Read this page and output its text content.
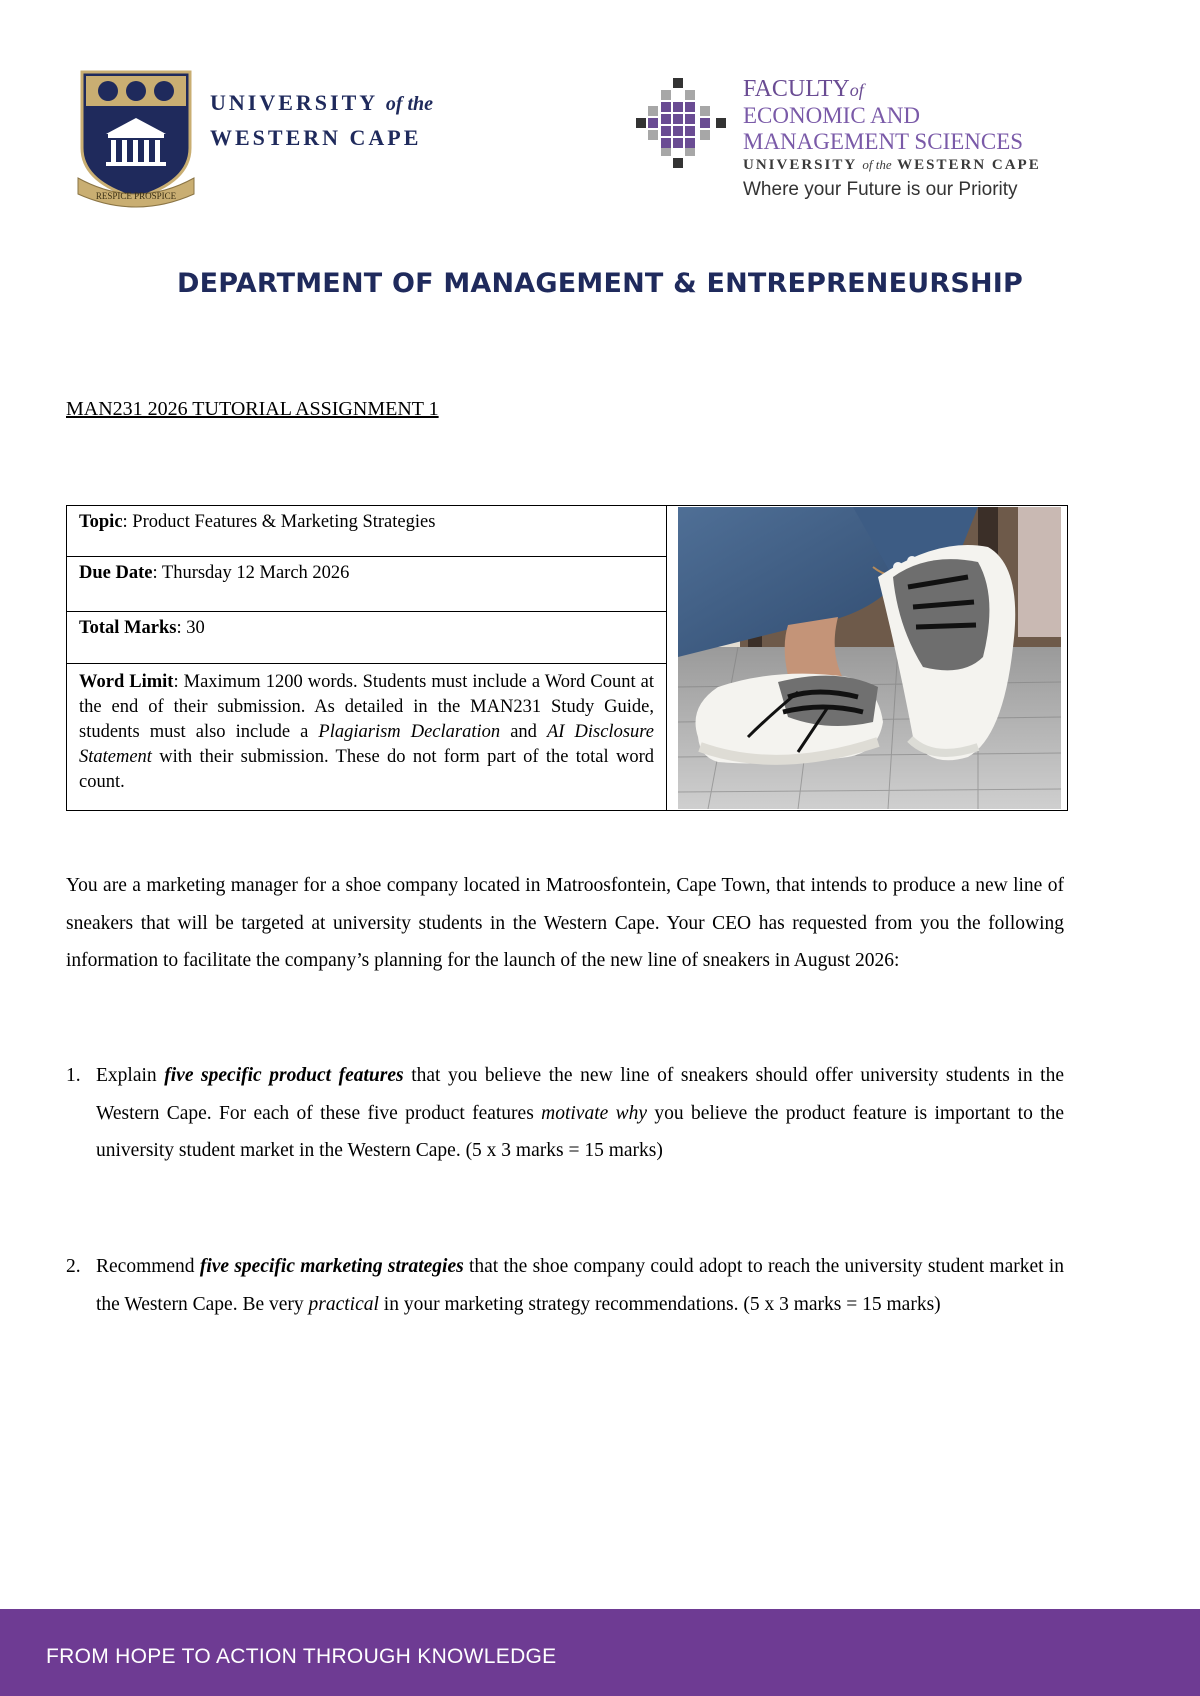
RESPICE PROSPICE
UNIVERSITY of the
WESTERN CAPE
FACULTYof
ECONOMIC AND
MANAGEMENT SCIENCES
UNIVERSITY of the WESTERN CAPE
Where your Future is our Priority
DEPARTMENT OF MANAGEMENT & ENTREPRENEURSHIP
MAN231 2026 TUTORIAL ASSIGNMENT 1
Topic: Product Features & Marketing Strategies
Due Date: Thursday 12 March 2026
Total Marks: 30
Word Limit: Maximum 1200 words. Students must include a Word Count at the end of their submission. As detailed in the MAN231 Study Guide, students must also include a Plagiarism Declaration and AI Disclosure Statement with their submission. These do not form part of the total word count.
You are a marketing manager for a shoe company located in Matroosfontein, Cape Town, that intends to produce a new line of sneakers that will be targeted at university students in the Western Cape. Your CEO has requested from you the following information to facilitate the company’s planning for the launch of the new line of sneakers in August 2026:
1. Explain five specific product features that you believe the new line of sneakers should offer university students in the Western Cape. For each of these five product features motivate why you believe the product feature is important to the university student market in the Western Cape. (5 x 3 marks = 15 marks)
2. Recommend five specific marketing strategies that the shoe company could adopt to reach the university student market in the Western Cape. Be very practical in your marketing strategy recommendations. (5 x 3 marks = 15 marks)
FROM HOPE TO ACTION THROUGH KNOWLEDGE
